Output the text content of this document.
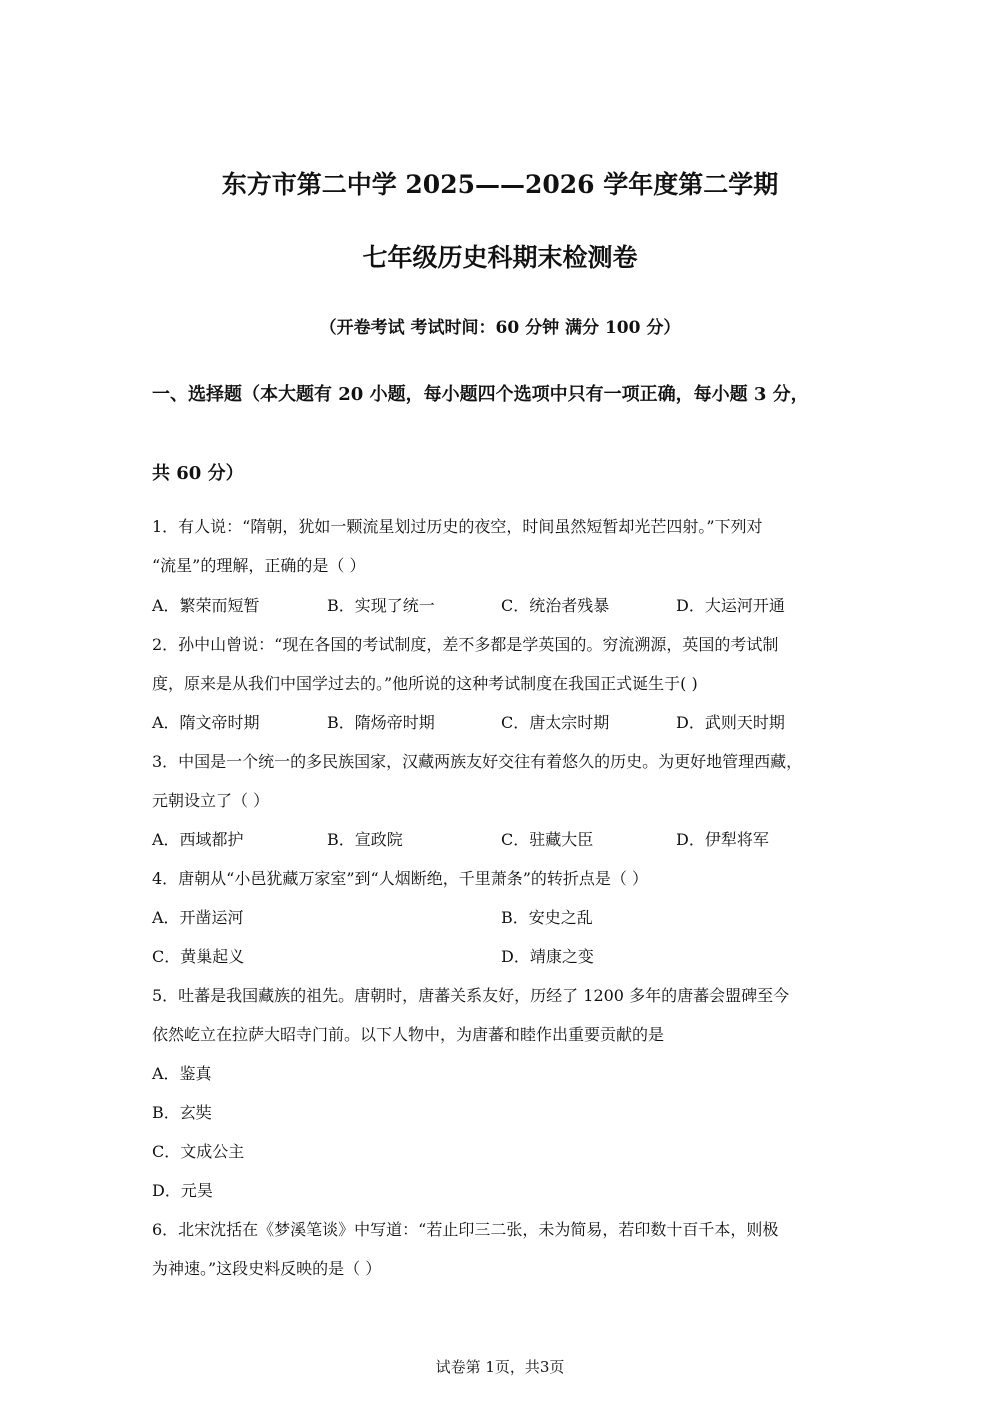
东方市第二中学 2025——2026 学年度第二学期
七年级历史科期末检测卷
（开卷考试 考试时间：60 分钟 满分 100 分）
一、选择题（本大题有 20 小题，每小题四个选项中只有一项正确，每小题 3 分，
共 60 分）
1．有人说：“隋朝，犹如一颗流星划过历史的夜空，时间虽然短暂却光芒四射。”下列对
“流星”的理解，正确的是（ ）
A．繁荣而短暂	B．实现了统一	C．统治者残暴	D．大运河开通
2．孙中山曾说：“现在各国的考试制度，差不多都是学英国的。穷流溯源，英国的考试制
度，原来是从我们中国学过去的。”他所说的这种考试制度在我国正式诞生于( )
A．隋文帝时期	B．隋炀帝时期	C．唐太宗时期	D．武则天时期
3．中国是一个统一的多民族国家，汉藏两族友好交往有着悠久的历史。为更好地管理西藏，
元朝设立了（ ）
A．西域都护	B．宣政院	C．驻藏大臣	D．伊犁将军
4．唐朝从“小邑犹藏万家室”到“人烟断绝，千里萧条”的转折点是（ ）
A．开凿运河	B．安史之乱
C．黄巢起义	D．靖康之变
5．吐蕃是我国藏族的祖先。唐朝时，唐蕃关系友好，历经了 1200 多年的唐蕃会盟碑至今
依然屹立在拉萨大昭寺门前。以下人物中，为唐蕃和睦作出重要贡献的是
A．鉴真
B．玄奘
C．文成公主
D．元昊
6．北宋沈括在《梦溪笔谈》中写道：“若止印三二张，未为简易，若印数十百千本，则极
为神速。”这段史料反映的是（ ）
试卷第 1页，共3页
